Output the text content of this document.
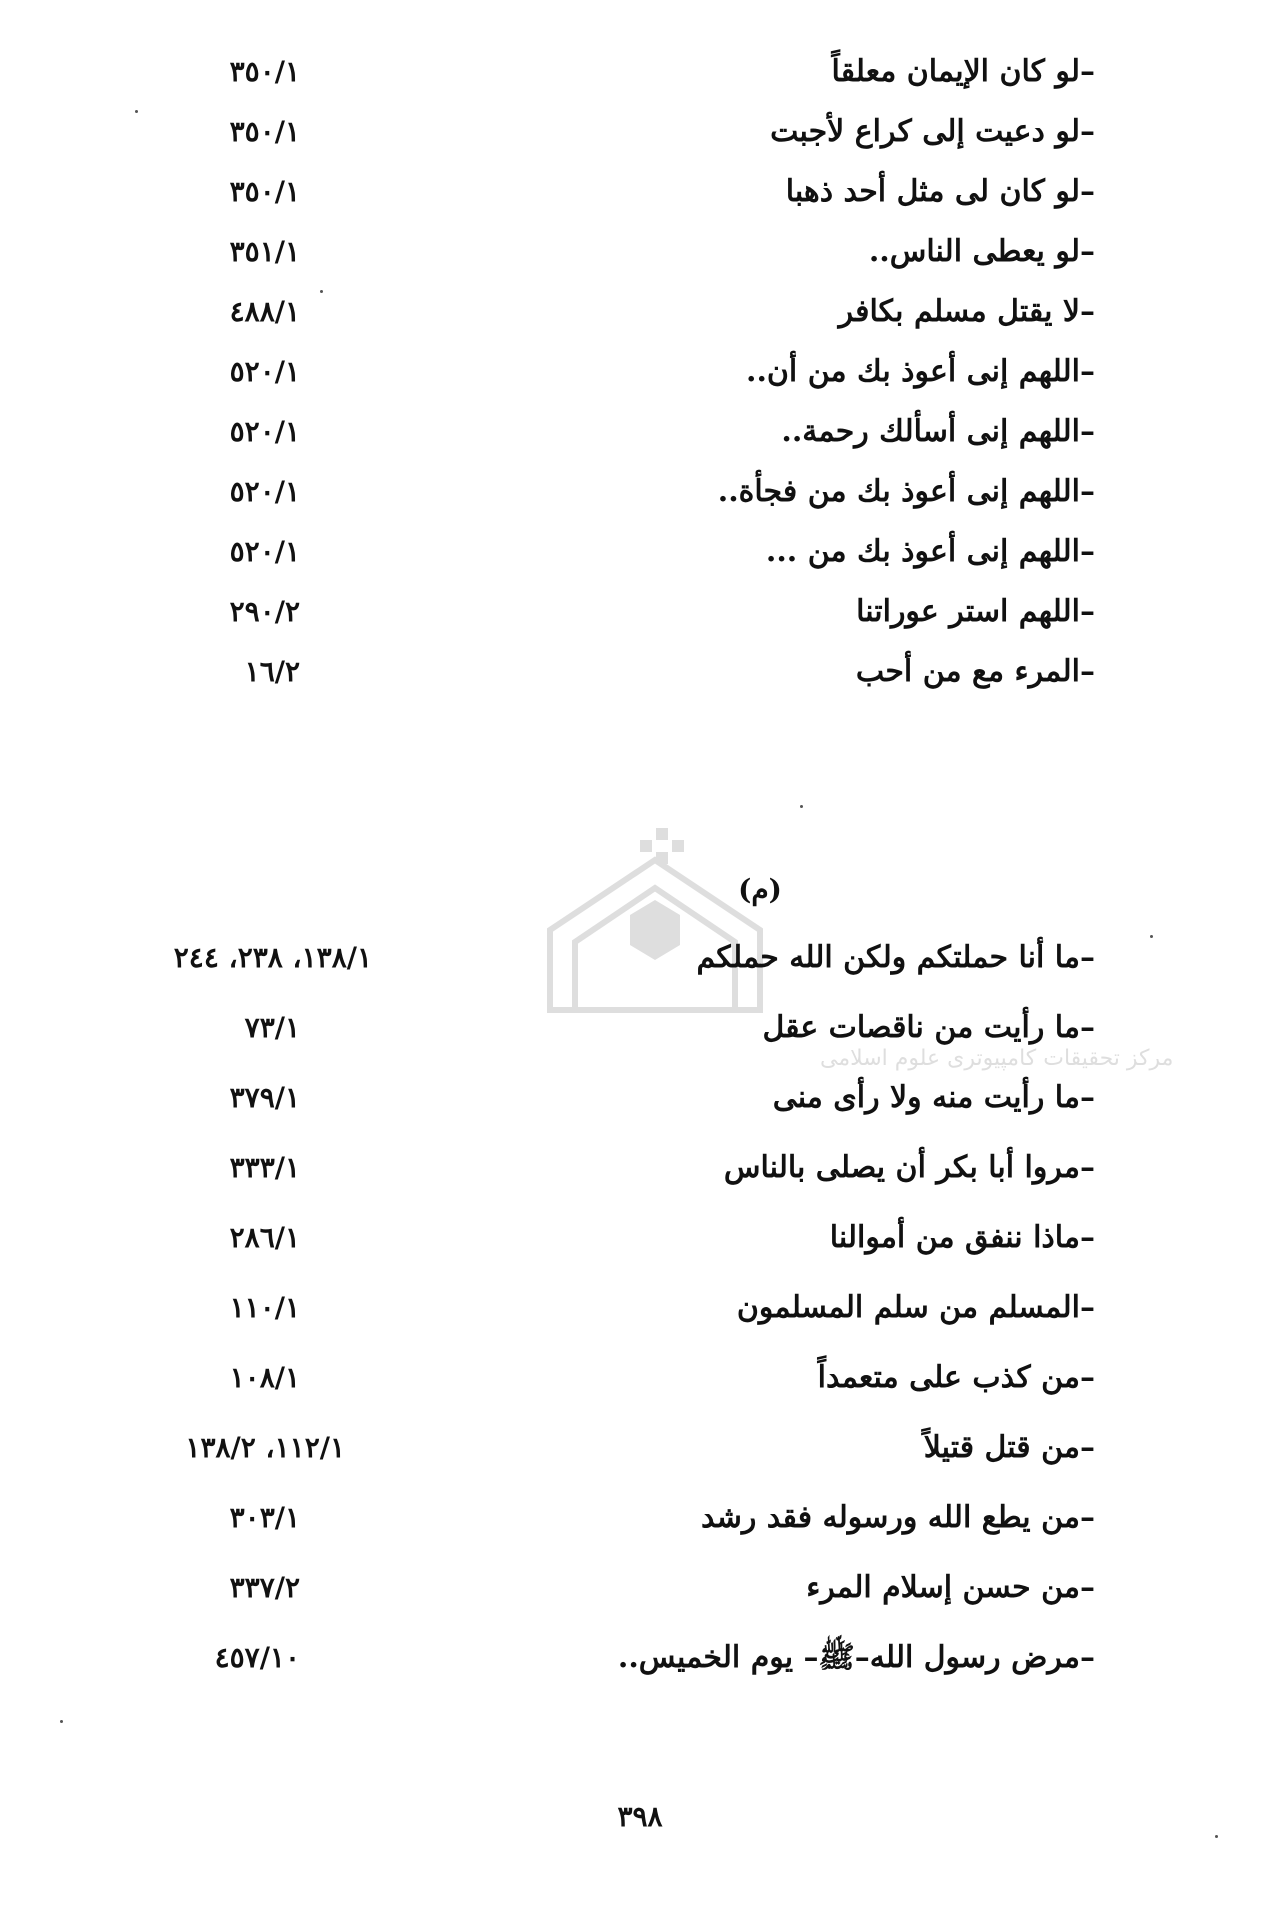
–لو كان الإيمان معلقاً
٣٥٠/١
–لو دعيت إلى كراع لأجبت
٣٥٠/١
–لو كان لى مثل أحد ذهبا
٣٥٠/١
–لو يعطى الناس..
٣٥١/١
–لا يقتل مسلم بكافر
٤٨٨/١
–اللهم إنى أعوذ بك من أن..
٥٢٠/١
–اللهم إنى أسألك رحمة..
٥٢٠/١
–اللهم إنى أعوذ بك من فجأة..
٥٢٠/١
–اللهم إنى أعوذ بك من ...
٥٢٠/١
–اللهم استر عوراتنا
٢٩٠/٢
–المرء مع من أحب
١٦/٢
مركز تحقيقات كامپيوترى علوم اسلامى
(م)
–ما أنا حملتكم ولكن الله حملكم
١٣٨/١، ٢٣٨، ٢٤٤
–ما رأيت من ناقصات عقل
٧٣/١
–ما رأيت منه ولا رأى منى
٣٧٩/١
–مروا أبا بكر أن يصلى بالناس
٣٣٣/١
–ماذا ننفق من أموالنا
٢٨٦/١
–المسلم من سلم المسلمون
١١٠/١
–من كذب على متعمداً
١٠٨/١
–من قتل قتيلاً
١١٢/١، ١٣٨/٢
–من يطع الله ورسوله فقد رشد
٣٠٣/١
–من حسن إسلام المرء
٣٣٧/٢
–مرض رسول الله–ﷺ– يوم الخميس..
٤٥٧/١٠
٣٩٨
